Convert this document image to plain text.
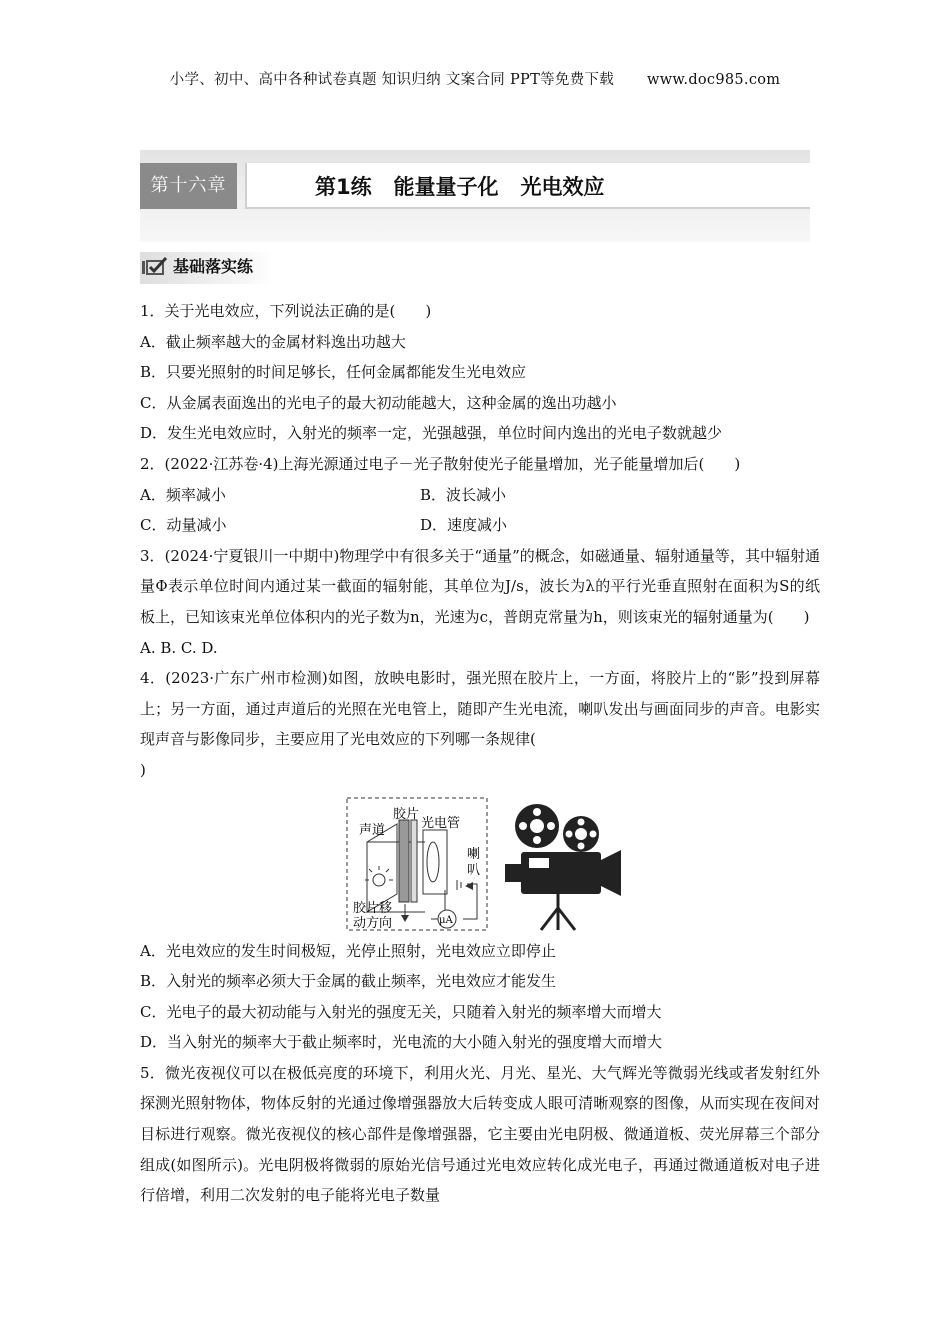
小学、初中、高中各种试卷真题 知识归纳 文案合同 PPT等免费下载 www.doc985.com
第十六章	第1练   能量量子化   光电效应
基础落实练
1．关于光电效应，下列说法正确的是(　　)
A．截止频率越大的金属材料逸出功越大
B．只要光照射的时间足够长，任何金属都能发生光电效应
C．从金属表面逸出的光电子的最大初动能越大，这种金属的逸出功越小
D．发生光电效应时，入射光的频率一定，光强越强，单位时间内逸出的光电子数就越少
2．(2022·江苏卷·4)上海光源通过电子－光子散射使光子能量增加，光子能量增加后(　　)
A．频率减小	B．波长减小
C．动量减小	D．速度减小
3．(2024·宁夏银川一中期中)物理学中有很多关于“通量”的概念，如磁通量、辐射通量等，其中辐射通量Φ表示单位时间内通过某一截面的辐射能，其单位为J/s，波长为λ的平行光垂直照射在面积为S的纸板上，已知该束光单位体积内的光子数为n，光速为c，普朗克常量为h，则该束光的辐射通量为(　　)
A. B. C. D.
4．(2023·广东广州市检测)如图，放映电影时，强光照在胶片上，一方面，将胶片上的“影”投到屏幕上；另一方面，通过声道后的光照在光电管上，随即产生光电流，喇叭发出与画面同步的声音。电影实现声音与影像同步，主要应用了光电效应的下列哪一条规律(
)
胶片
声道	光电管
胶片移
动方向	μA
喇
叭
A．光电效应的发生时间极短，光停止照射，光电效应立即停止
B．入射光的频率必须大于金属的截止频率，光电效应才能发生
C．光电子的最大初动能与入射光的强度无关，只随着入射光的频率增大而增大
D．当入射光的频率大于截止频率时，光电流的大小随入射光的强度增大而增大
5．微光夜视仪可以在极低亮度的环境下，利用火光、月光、星光、大气辉光等微弱光线或者发射红外探测光照射物体，物体反射的光通过像增强器放大后转变成人眼可清晰观察的图像，从而实现在夜间对目标进行观察。微光夜视仪的核心部件是像增强器，它主要由光电阴极、微通道板、荧光屏幕三个部分组成(如图所示)。光电阴极将微弱的原始光信号通过光电效应转化成光电子，再通过微通道板对电子进行倍增，利用二次发射的电子能将光电子数量
